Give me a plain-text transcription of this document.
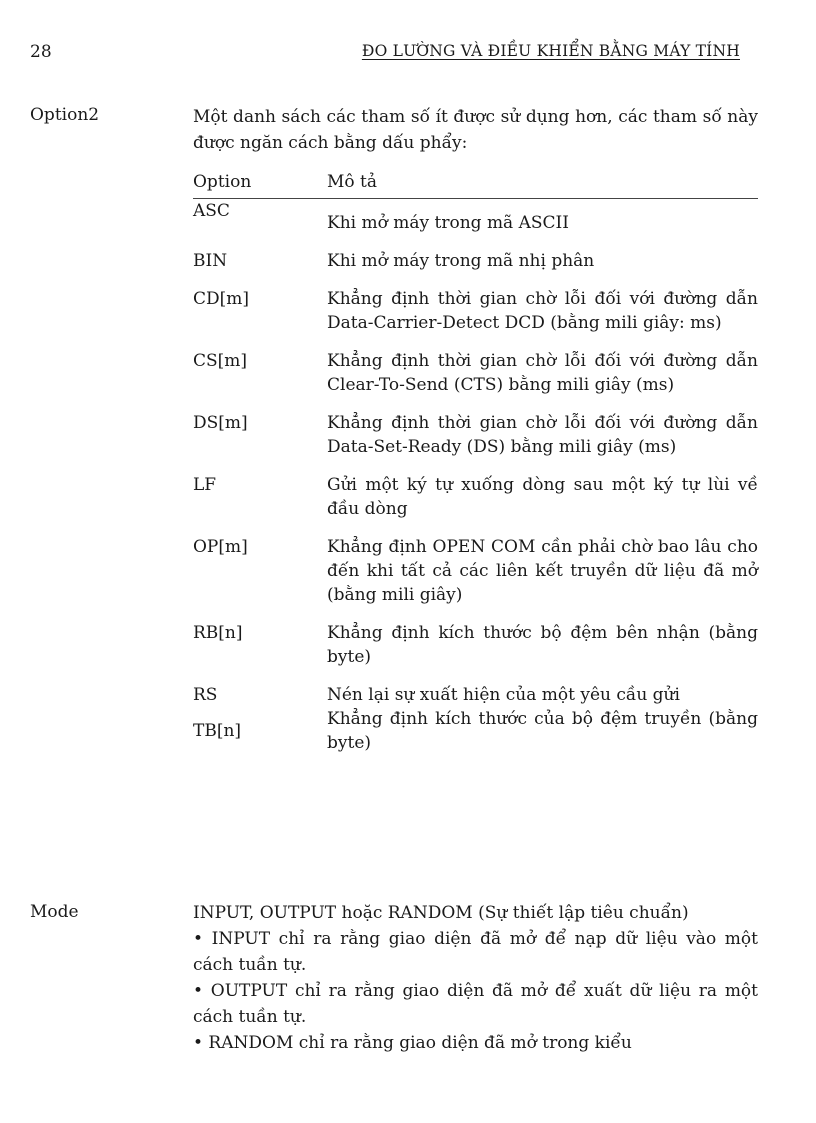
28	ĐO LƯỜNG VÀ ĐIỀU KHIỂN BẰNG MÁY TÍNH
Option2	Một danh sách các tham số ít được sử dụng hơn, các tham số này được ngăn cách bằng dấu phẩy:

Option	Mô tả
ASC	Khi mở máy trong mã ASCII
BIN	Khi mở máy trong mã nhị phân
CD[m]	Khẳng định thời gian chờ lỗi đối với đường dẫn Data-Carrier-Detect DCD (bằng mili giây: ms)
CS[m]	Khẳng định thời gian chờ lỗi đối với đường dẫn Clear-To-Send (CTS) bằng mili giây (ms)
DS[m]	Khẳng định thời gian chờ lỗi đối với đường dẫn Data-Set-Ready (DS) bằng mili giây (ms)
LF	Gửi một ký tự xuống dòng sau một ký tự lùi về đầu dòng
OP[m]	Khẳng định OPEN COM cần phải chờ bao lâu cho đến khi tất cả các liên kết truyền dữ liệu đã mở (bằng mili giây)
RB[n]	Khẳng định kích thước bộ đệm bên nhận (bằng byte)
RS	Nén lại sự xuất hiện của một yêu cầu gửi
TB[n]	Khẳng định kích thước của bộ đệm truyền (bằng byte)
Mode	INPUT, OUTPUT hoặc RANDOM (Sự thiết lập tiêu chuẩn)

• INPUT chỉ ra rằng giao diện đã mở để nạp dữ liệu vào một cách tuần tự.
• OUTPUT chỉ ra rằng giao diện đã mở để xuất dữ liệu ra một cách tuần tự.
• RANDOM chỉ ra rằng giao diện đã mở trong kiểu
